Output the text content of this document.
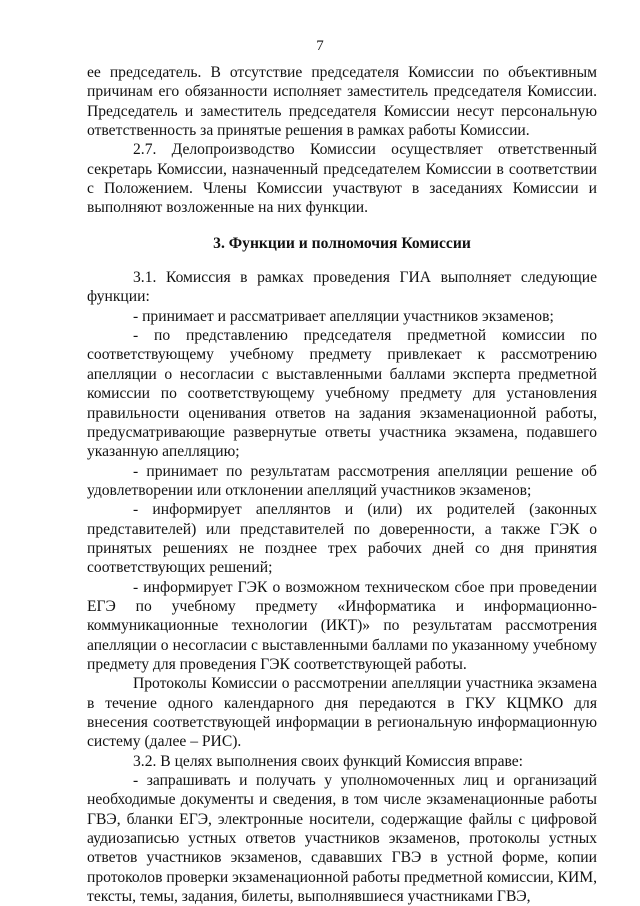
7

ее председатель. В отсутствие председателя Комиссии по объективным причинам его обязанности исполняет заместитель председателя Комиссии. Председатель и заместитель председателя Комиссии несут персональную ответственность за принятые решения в рамках работы Комиссии.

2.7. Делопроизводство Комиссии осуществляет ответственный секретарь Комиссии, назначенный председателем Комиссии в соответствии с Положением. Члены Комиссии участвуют в заседаниях Комиссии и выполняют возложенные на них функции.

3. Функции и полномочия Комиссии

3.1. Комиссия в рамках проведения ГИА выполняет следующие функции:

- принимает и рассматривает апелляции участников экзаменов;

- по представлению председателя предметной комиссии по соответствующему учебному предмету привлекает к рассмотрению апелляции о несогласии с выставленными баллами эксперта предметной комиссии по соответствующему учебному предмету для установления правильности оценивания ответов на задания экзаменационной работы, предусматривающие развернутые ответы участника экзамена, подавшего указанную апелляцию;

- принимает по результатам рассмотрения апелляции решение об удовлетворении или отклонении апелляций участников экзаменов;

- информирует апеллянтов и (или) их родителей (законных представителей) или представителей по доверенности, а также ГЭК о принятых решениях не позднее трех рабочих дней со дня принятия соответствующих решений;

- информирует ГЭК о возможном техническом сбое при проведении ЕГЭ по учебному предмету «Информатика и информационно-коммуникационные технологии (ИКТ)» по результатам рассмотрения апелляции о несогласии с выставленными баллами по указанному учебному предмету для проведения ГЭК соответствующей работы.

Протоколы Комиссии о рассмотрении апелляции участника экзамена в течение одного календарного дня передаются в ГКУ КЦМКО для внесения соответствующей информации в региональную информационную систему (далее – РИС).

3.2. В целях выполнения своих функций Комиссия вправе:

- запрашивать и получать у уполномоченных лиц и организаций необходимые документы и сведения, в том числе экзаменационные работы ГВЭ, бланки ЕГЭ, электронные носители, содержащие файлы с цифровой аудиозаписью устных ответов участников экзаменов, протоколы устных ответов участников экзаменов, сдававших ГВЭ в устной форме, копии протоколов проверки экзаменационной работы предметной комиссии, КИМ, тексты, темы, задания, билеты, выполнявшиеся участниками ГВЭ,
